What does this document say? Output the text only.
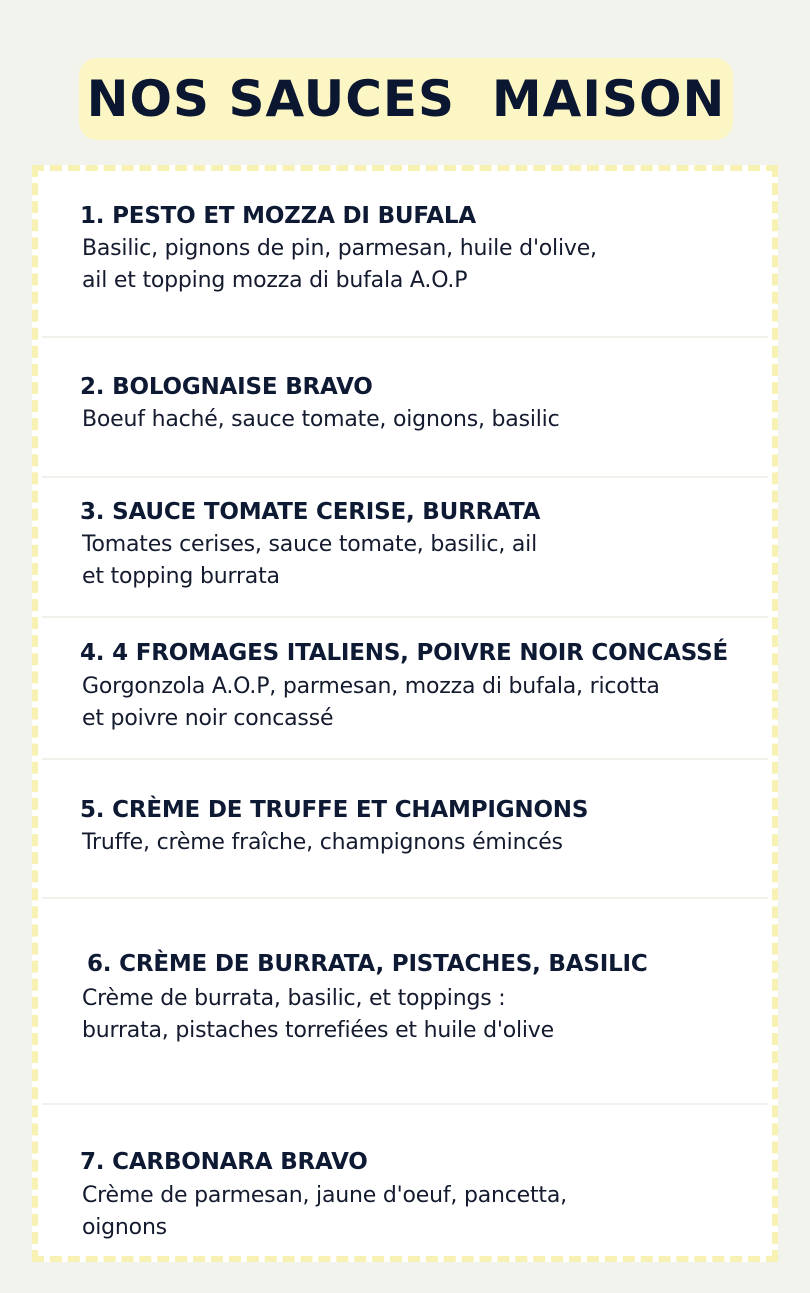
NOS SAUCES  MAISON
1. PESTO ET MOZZA DI BUFALA
Basilic, pignons de pin, parmesan, huile d'olive,
ail et topping mozza di bufala A.O.P
2. BOLOGNAISE BRAVO
Boeuf haché, sauce tomate, oignons, basilic
3. SAUCE TOMATE CERISE, BURRATA
Tomates cerises, sauce tomate, basilic, ail
et topping burrata
4. 4 FROMAGES ITALIENS, POIVRE NOIR CONCASSÉ
Gorgonzola A.O.P, parmesan, mozza di bufala, ricotta
et poivre noir concassé
5. CRÈME DE TRUFFE ET CHAMPIGNONS
Truffe, crème fraîche, champignons émincés
6. CRÈME DE BURRATA, PISTACHES, BASILIC
Crème de burrata, basilic, et toppings :
burrata, pistaches torrefiées et huile d'olive
7. CARBONARA BRAVO
Crème de parmesan, jaune d'oeuf, pancetta,
oignons
